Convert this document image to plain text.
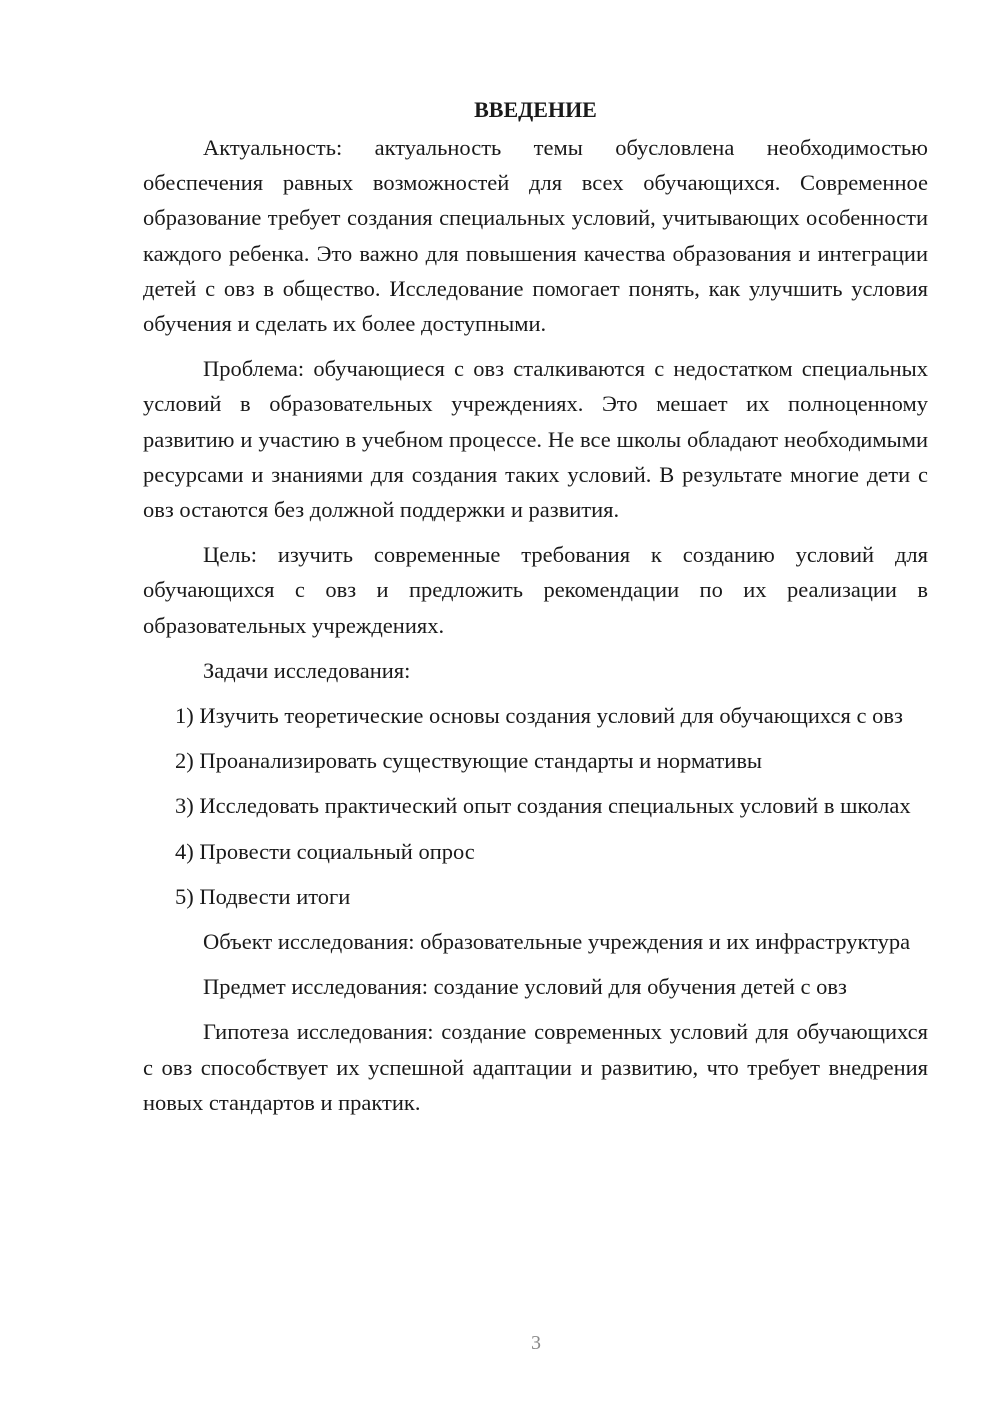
ВВЕДЕНИЕ

Актуальность: актуальность темы обусловлена необходимостью обеспечения равных возможностей для всех обучающихся. Современное образование требует создания специальных условий, учитывающих особенности каждого ребенка. Это важно для повышения качества образования и интеграции детей с овз в общество. Исследование помогает понять, как улучшить условия обучения и сделать их более доступными.

Проблема: обучающиеся с овз сталкиваются с недостатком специальных условий в образовательных учреждениях. Это мешает их полноценному развитию и участию в учебном процессе. Не все школы обладают необходимыми ресурсами и знаниями для создания таких условий. В результате многие дети с овз остаются без должной поддержки и развития.

Цель: изучить современные требования к созданию условий для обучающихся с овз и предложить рекомендации по их реализации в образовательных учреждениях.

Задачи исследования:

1) Изучить теоретические основы создания условий для обучающихся с овз

2) Проанализировать существующие стандарты и нормативы

3) Исследовать практический опыт создания специальных условий в школах

4) Провести социальный опрос

5) Подвести итоги

Объект исследования: образовательные учреждения и их инфраструктура

Предмет исследования: создание условий для обучения детей с овз

Гипотеза исследования: создание современных условий для обучающихся с овз способствует их успешной адаптации и развитию, что требует внедрения новых стандартов и практик.

3
